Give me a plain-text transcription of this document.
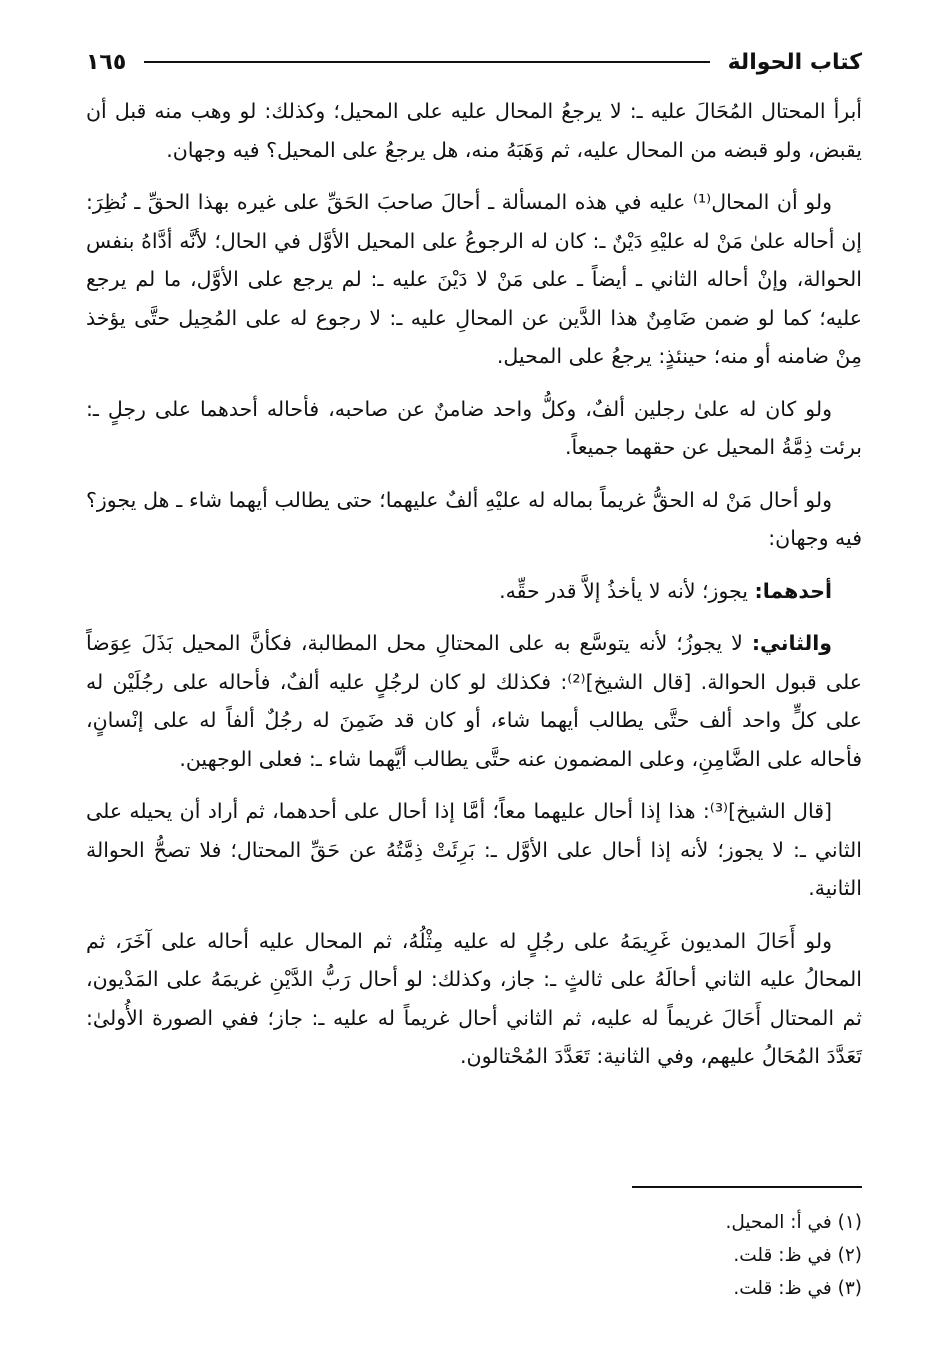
كتاب الحوالة
١٦٥

أبرأ المحتال المُحَالَ عليه ـ: لا يرجعُ المحال عليه على المحيل؛ وكذلك: لو وهب منه قبل أن يقبض، ولو قبضه من المحال عليه، ثم وَهَبَهُ منه، هل يرجعُ على المحيل؟ فيه وجهان.

ولو أن المحال⁽¹⁾ عليه في هذه المسألة ـ أحالَ صاحبَ الحَقِّ على غيره بهذا الحقِّ ـ نُظِرَ: إن أحاله علىٰ مَنْ له عليْهِ دَيْنٌ ـ: كان له الرجوعُ على المحيل الأوَّل في الحال؛ لأنَّه أدَّاهُ بنفس الحوالة، وإنْ أحاله الثاني ـ أيضاً ـ على مَنْ لا دَيْنَ عليه ـ: لم يرجع على الأوَّل، ما لم يرجع عليه؛ كما لو ضمن ضَامِنٌ هذا الدَّين عن المحالِ عليه ـ: لا رجوع له على المُحِيل حتَّى يؤخذ مِنْ ضامنه أو منه؛ حينئذٍ: يرجعُ على المحيل.

ولو كان له علىٰ رجلين ألفٌ، وكلُّ واحد ضامنٌ عن صاحبه، فأحاله أحدهما على رجلٍ ـ: برئت ذِمَّةُ المحيل عن حقهما جميعاً.

ولو أحال مَنْ له الحقُّ غريماً بماله له عليْهِ ألفٌ عليهما؛ حتى يطالب أيهما شاء ـ هل يجوز؟ فيه وجهان:

أحدهما: يجوز؛ لأنه لا يأخذُ إلاَّ قدر حقِّه.

والثاني: لا يجوزُ؛ لأنه يتوسَّع به على المحتالِ محل المطالبة، فكأنَّ المحيل بَذَلَ عِوَضاً على قبول الحوالة. [قال الشيخ]⁽²⁾: فكذلك لو كان لرجُلٍ عليه ألفٌ، فأحاله على رجُلَيْن له على كلٍّ واحد ألف حتَّى يطالب أيهما شاء، أو كان قد ضَمِنَ له رجُلٌ ألفاً له على إنْسانٍ، فأحاله على الضَّامِنِ، وعلى المضمون عنه حتَّى يطالب أيَّهما شاء ـ: فعلى الوجهين.

[قال الشيخ]⁽³⁾: هذا إذا أحال عليهما معاً؛ أمَّا إذا أحال على أحدهما، ثم أراد أن يحيله على الثاني ـ: لا يجوز؛ لأنه إذا أحال على الأوَّل ـ: بَرِئَتْ ذِمَّتُهُ عن حَقِّ المحتال؛ فلا تصحُّ الحوالة الثانية.

ولو أَحَالَ المديون غَرِيمَهُ على رجُلٍ له عليه مِثْلُهُ، ثم المحال عليه أحاله على آخَرَ، ثم المحالُ عليه الثاني أحالَهُ على ثالثٍ ـ: جاز، وكذلك: لو أحال رَبُّ الدَّيْنِ غريمَهُ على المَدْيون، ثم المحتال أَحَالَ غريماً له عليه، ثم الثاني أحال غريماً له عليه ـ: جاز؛ ففي الصورة الأُولىٰ: تَعَدَّدَ المُحَالُ عليهم، وفي الثانية: تَعَدَّدَ المُحْتالون.

(١) في أ: المحيل.
(٢) في ظ: قلت.
(٣) في ظ: قلت.
